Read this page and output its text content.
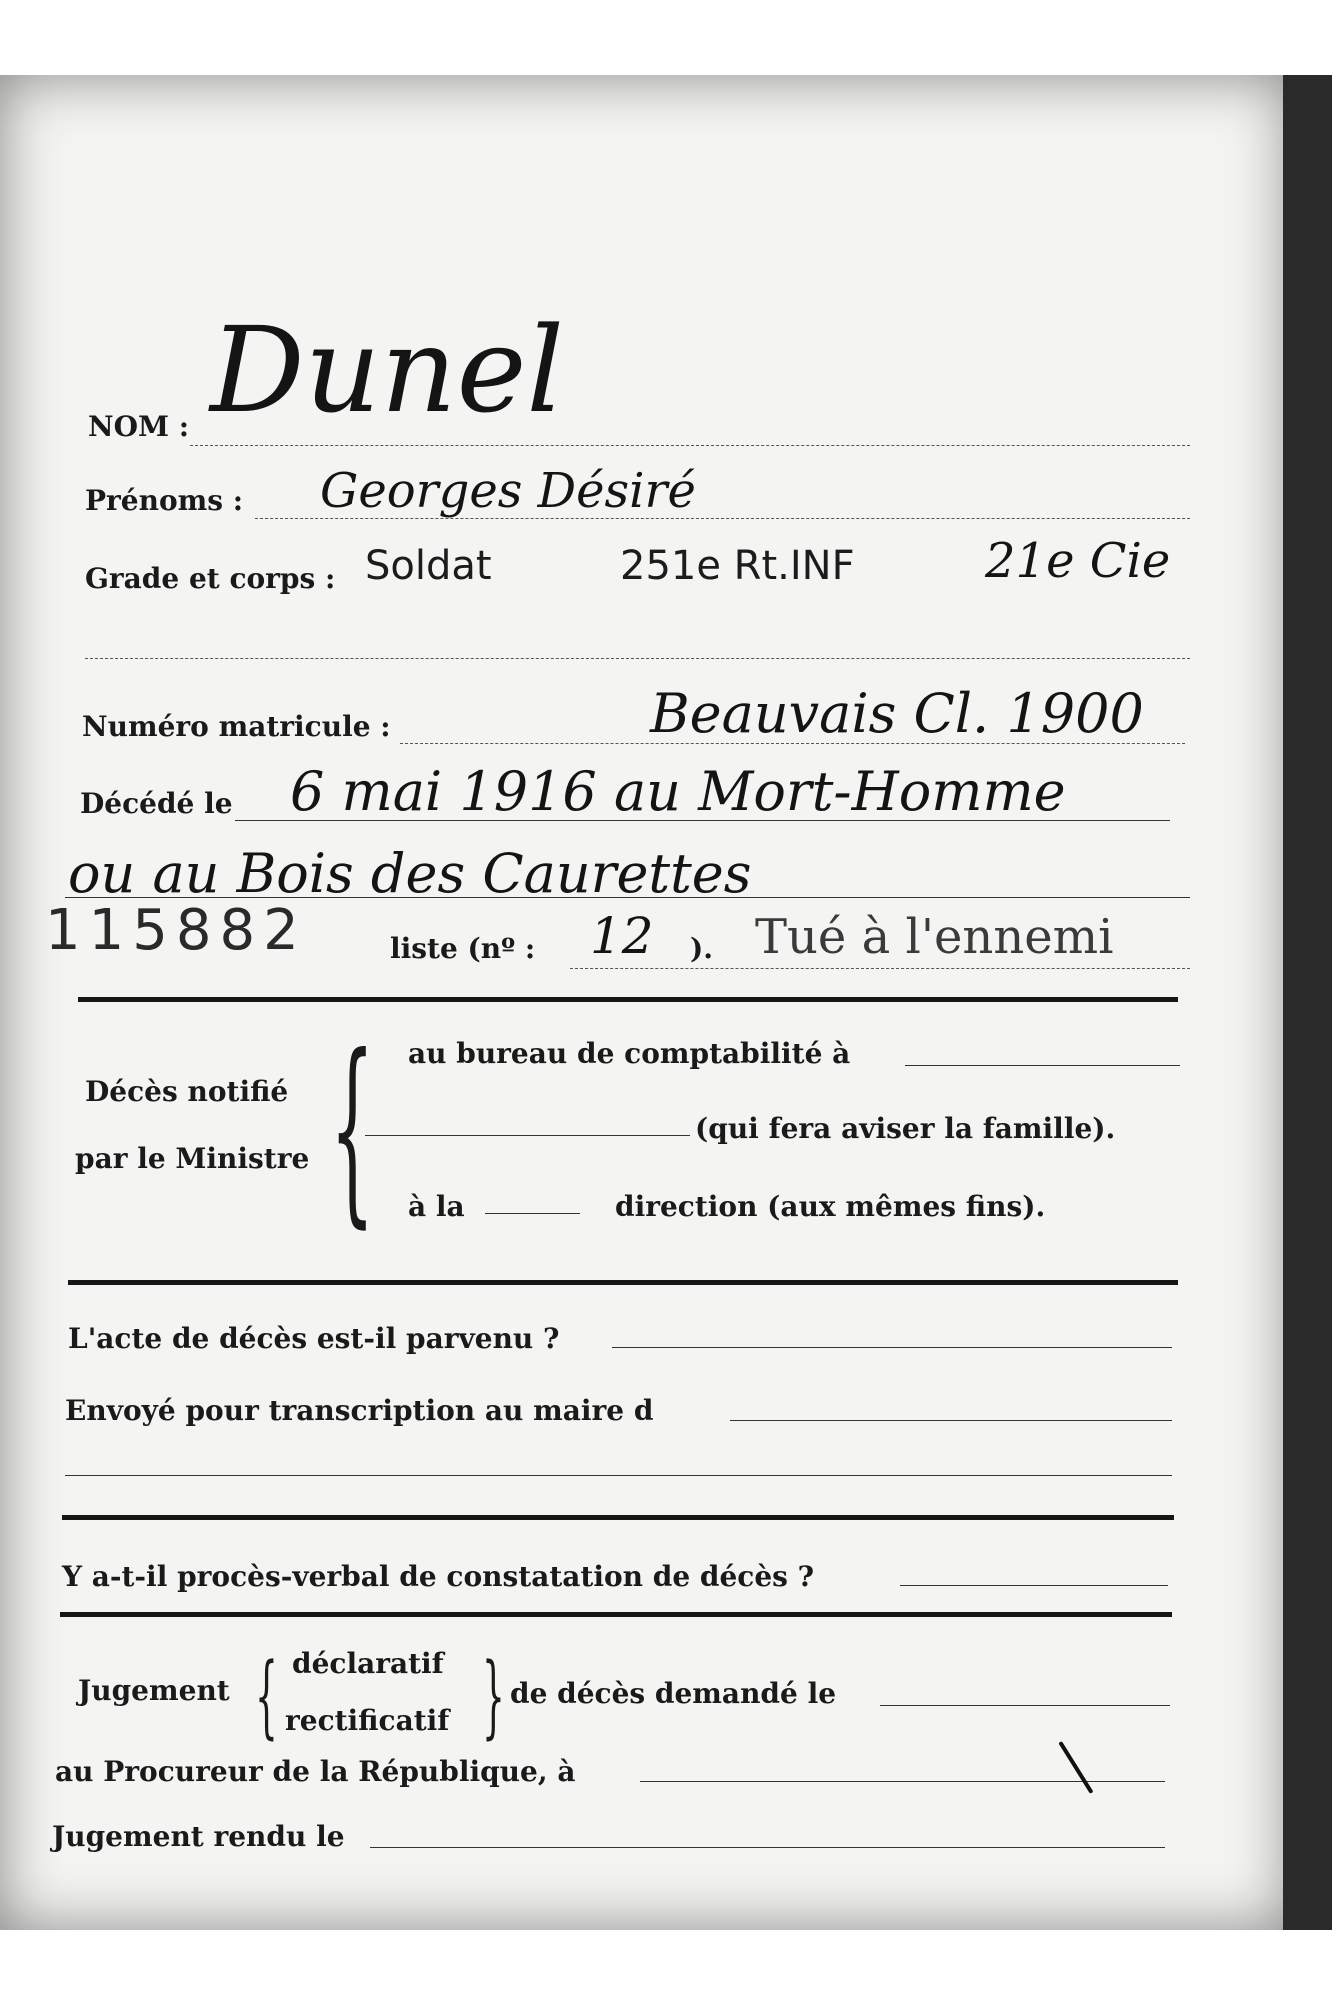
NOM : Dunel
Prénoms : Georges Désiré
Grade et corps : Soldat	251e Rt.INF	21e Cie
Numéro matricule :	Beauvais Cl. 1900
Décédé le 6 mai 1916 au Mort-Homme
ou au Bois des Caurettes
115882	liste (nº : 12 ). Tué à l'ennemi
Décès notifié
par le Ministre { au bureau de comptabilité à
(qui fera aviser la famille).
à la	direction (aux mêmes fins).
L'acte de décès est-il parvenu ?
Envoyé pour transcription au maire d
Y a-t-il procès-verbal de constatation de décès ?
Jugement { déclaratif
rectificatif } de décès demandé le
au Procureur de la République, à
Jugement rendu le
